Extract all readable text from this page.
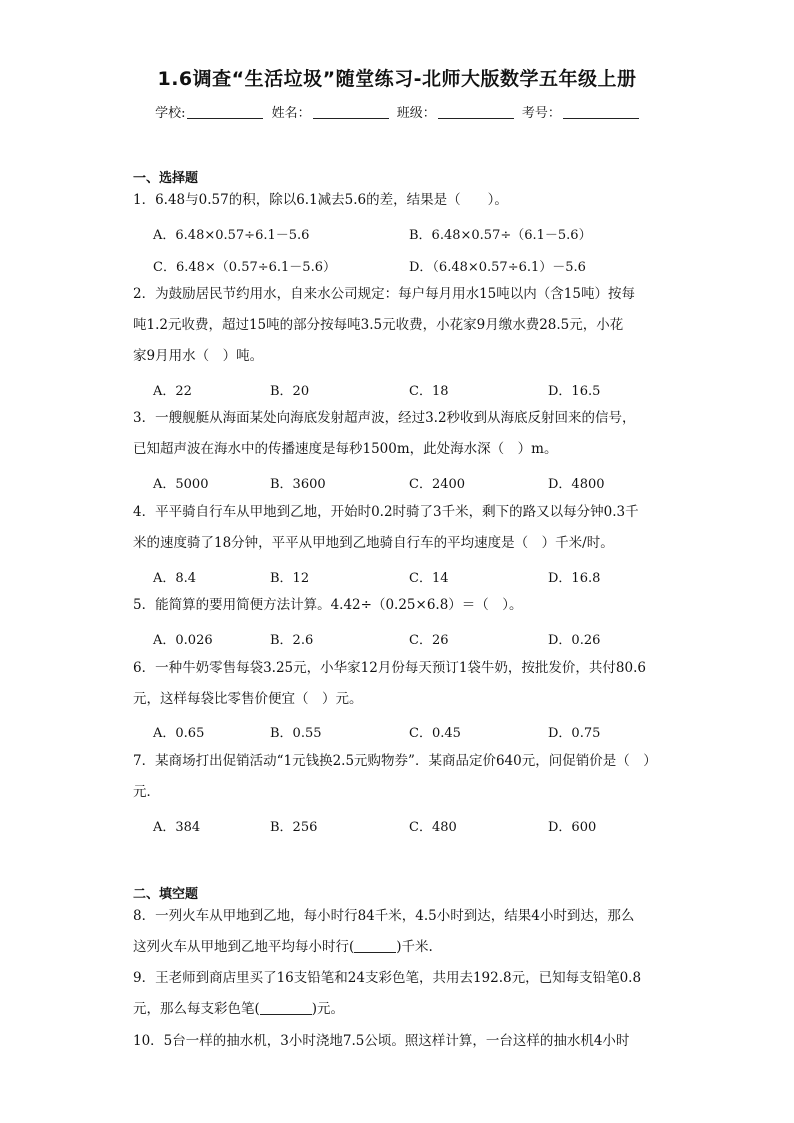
1.6调查“生活垃圾”随堂练习-北师大版数学五年级上册
学校:	姓名：	班级：	考号：
一、选择题

1．6.48与0.57的积，除以6.1减去5.6的差，结果是（　　）。

A．6.48×0.57÷6.1－5.6	B．6.48×0.57÷（6.1－5.6）
C．6.48×（0.57÷6.1－5.6）	D．（6.48×0.57÷6.1）－5.6

2．为鼓励居民节约用水，自来水公司规定：每户每月用水15吨以内（含15吨）按每

吨1.2元收费，超过15吨的部分按每吨3.5元收费，小花家9月缴水费28.5元，小花

家9月用水（　）吨。

A．22	B．20	C．18	D．16.5

3．一艘舰艇从海面某处向海底发射超声波，经过3.2秒收到从海底反射回来的信号，

已知超声波在海水中的传播速度是每秒1500m，此处海水深（　）m。

A．5000	B．3600	C．2400	D．4800

4．平平骑自行车从甲地到乙地，开始时0.2时骑了3千米，剩下的路又以每分钟0.3千

米的速度骑了18分钟，平平从甲地到乙地骑自行车的平均速度是（　）千米/时。

A．8.4	B．12	C．14	D．16.8

5．能简算的要用简便方法计算。4.42÷（0.25×6.8）＝（　）。

A．0.026	B．2.6	C．26	D．0.26

6．一种牛奶零售每袋3.25元，小华家12月份每天预订1袋牛奶，按批发价，共付80.6

元，这样每袋比零售价便宜（　）元。

A．0.65	B．0.55	C．0.45	D．0.75

7．某商场打出促销活动“1元钱换2.5元购物券”．某商品定价640元，问促销价是（　）

元．

A．384	B．256	C．480	D．600
二、填空题

8．一列火车从甲地到乙地，每小时行84千米，4.5小时到达，结果4小时到达，那么

这列火车从甲地到乙地平均每小时行(	)千米.

9．王老师到商店里买了16支铅笔和24支彩色笔，共用去192.8元，已知每支铅笔0.8

元，那么每支彩色笔(	)元。

10．5台一样的抽水机，3小时浇地7.5公顷。照这样计算，一台这样的抽水机4小时
